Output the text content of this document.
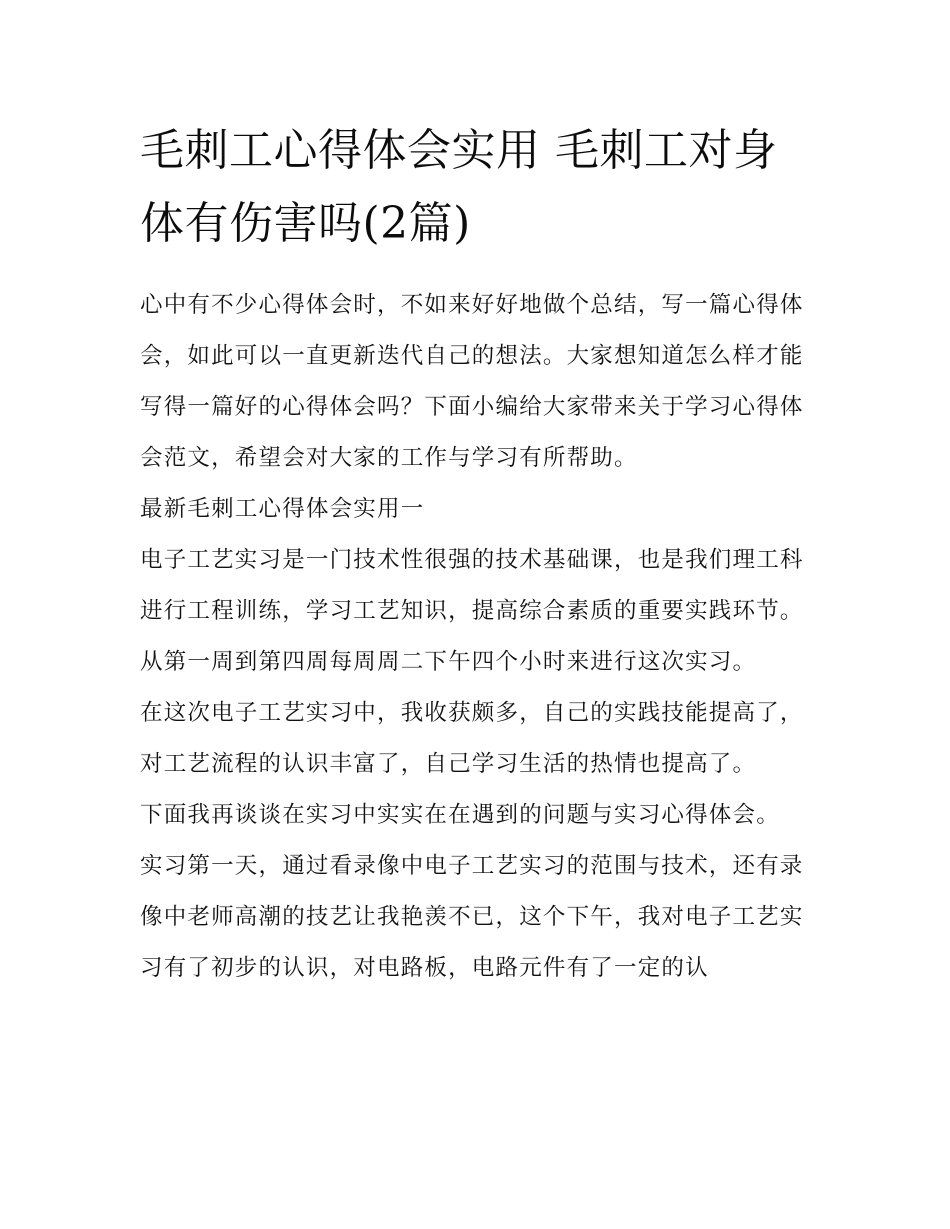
毛刺工心得体会实用 毛刺工对身体有伤害吗(2篇)

心中有不少心得体会时，不如来好好地做个总结，写一篇心得体会，如此可以一直更新迭代自己的想法。大家想知道怎么样才能写得一篇好的心得体会吗？下面小编给大家带来关于学习心得体会范文，希望会对大家的工作与学习有所帮助。

最新毛刺工心得体会实用一

电子工艺实习是一门技术性很强的技术基础课，也是我们理工科进行工程训练，学习工艺知识，提高综合素质的重要实践环节。从第一周到第四周每周周二下午四个小时来进行这次实习。

在这次电子工艺实习中，我收获颇多，自己的实践技能提高了，对工艺流程的认识丰富了，自己学习生活的热情也提高了。

下面我再谈谈在实习中实实在在遇到的问题与实习心得体会。

实习第一天，通过看录像中电子工艺实习的范围与技术，还有录像中老师高潮的技艺让我艳羡不已，这个下午，我对电子工艺实习有了初步的认识，对电路板，电路元件有了一定的认
